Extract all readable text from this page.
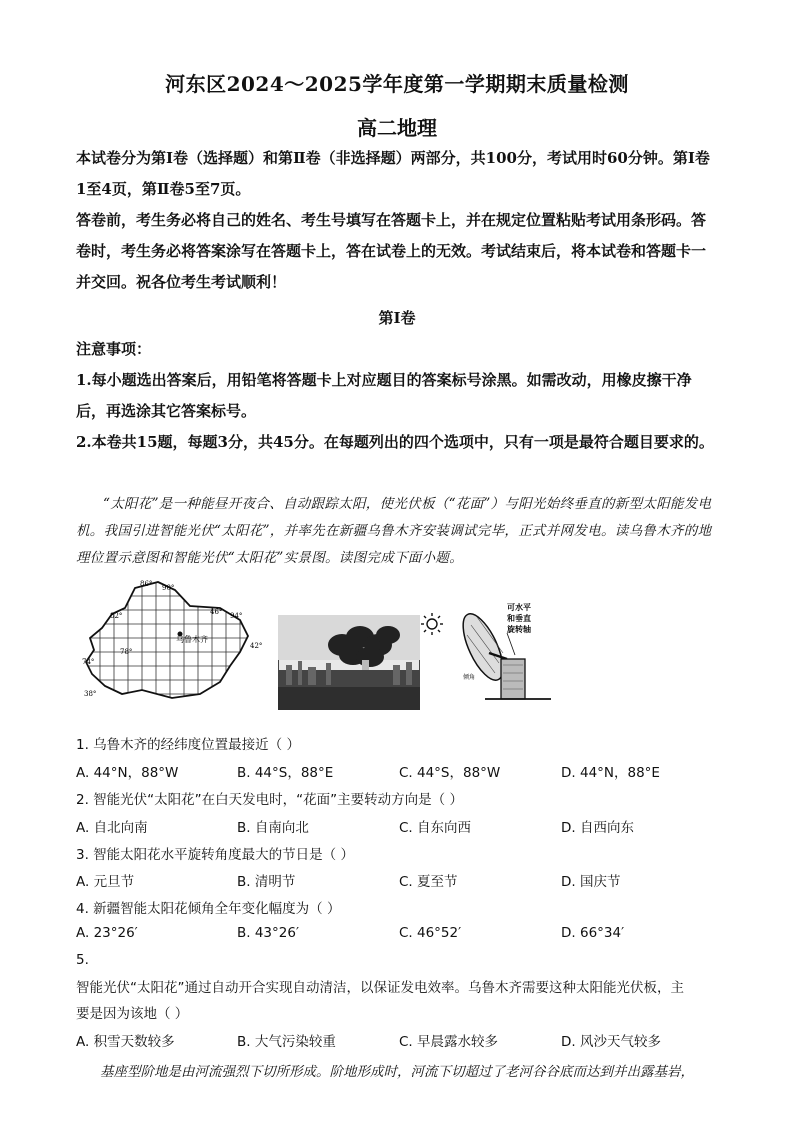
河东区2024～2025学年度第一学期期末质量检测
高二地理
本试卷分为第Ⅰ卷（选择题）和第Ⅱ卷（非选择题）两部分，共100分，考试用时60分钟。第Ⅰ卷1至4页，第Ⅱ卷5至7页。
答卷前，考生务必将自己的姓名、考生号填写在答题卡上，并在规定位置粘贴考试用条形码。答卷时，考生务必将答案涂写在答题卡上，答在试卷上的无效。考试结束后，将本试卷和答题卡一并交回。祝各位考生考试顺利！
第Ⅰ卷
注意事项：
1.每小题选出答案后，用铅笔将答题卡上对应题目的答案标号涂黑。如需改动，用橡皮擦干净后，再选涂其它答案标号。
2.本卷共15题，每题3分，共45分。在每题列出的四个选项中，只有一项是最符合题目要求的。
“太阳花”是一种能昼开夜合、自动跟踪太阳，使光伏板（“花面”）与阳光始终垂直的新型太阳能发电机。我国引进智能光伏“太阳花”，并率先在新疆乌鲁木齐安装调试完毕，正式并网发电。读乌鲁木齐的地理位置示意图和智能光伏“太阳花”实景图。读图完成下面小题。
乌鲁木齐
86° 90°
82°	46° 94°
42°
78°
74°
38°
可水平
和垂直
旋转轴
倾角
1. 乌鲁木齐的经纬度位置最接近（ ）
A. 44°N，88°W	B. 44°S，88°E	C. 44°S，88°W	D. 44°N，88°E
2. 智能光伏“太阳花”在白天发电时，“花面”主要转动方向是（ ）
A. 自北向南	B. 自南向北	C. 自东向西	D. 自西向东
3. 智能太阳花水平旋转角度最大的节日是（ ）
A. 元旦节	B. 清明节	C. 夏至节	D. 国庆节
4. 新疆智能太阳花倾角全年变化幅度为（ ）
A. 23°26′	B. 43°26′	C. 46°52′	D. 66°34′
5.
智能光伏“太阳花”通过自动开合实现自动清洁，以保证发电效率。乌鲁木齐需要这种太阳能光伏板，主
要是因为该地（ ）
A. 积雪天数较多	B. 大气污染较重	C. 早晨露水较多	D. 风沙天气较多
基座型阶地是由河流强烈下切所形成。阶地形成时，河流下切超过了老河谷谷底而达到并出露基岩，
